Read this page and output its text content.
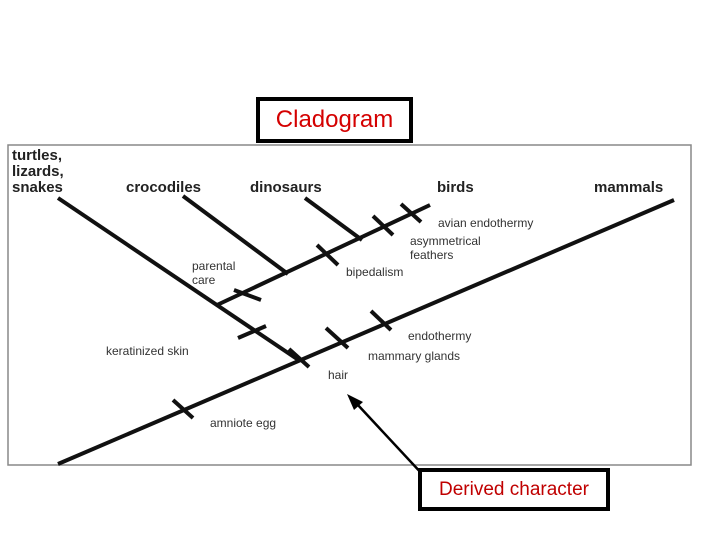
Cladogram
turtles, lizards, snakes	crocodiles	dinosaurs	birds	mammals
avian endothermy
asymmetrical feathers
bipedalism
parental care
endothermy
mammary glands
keratinized skin
hair
amniote egg
Derived character
